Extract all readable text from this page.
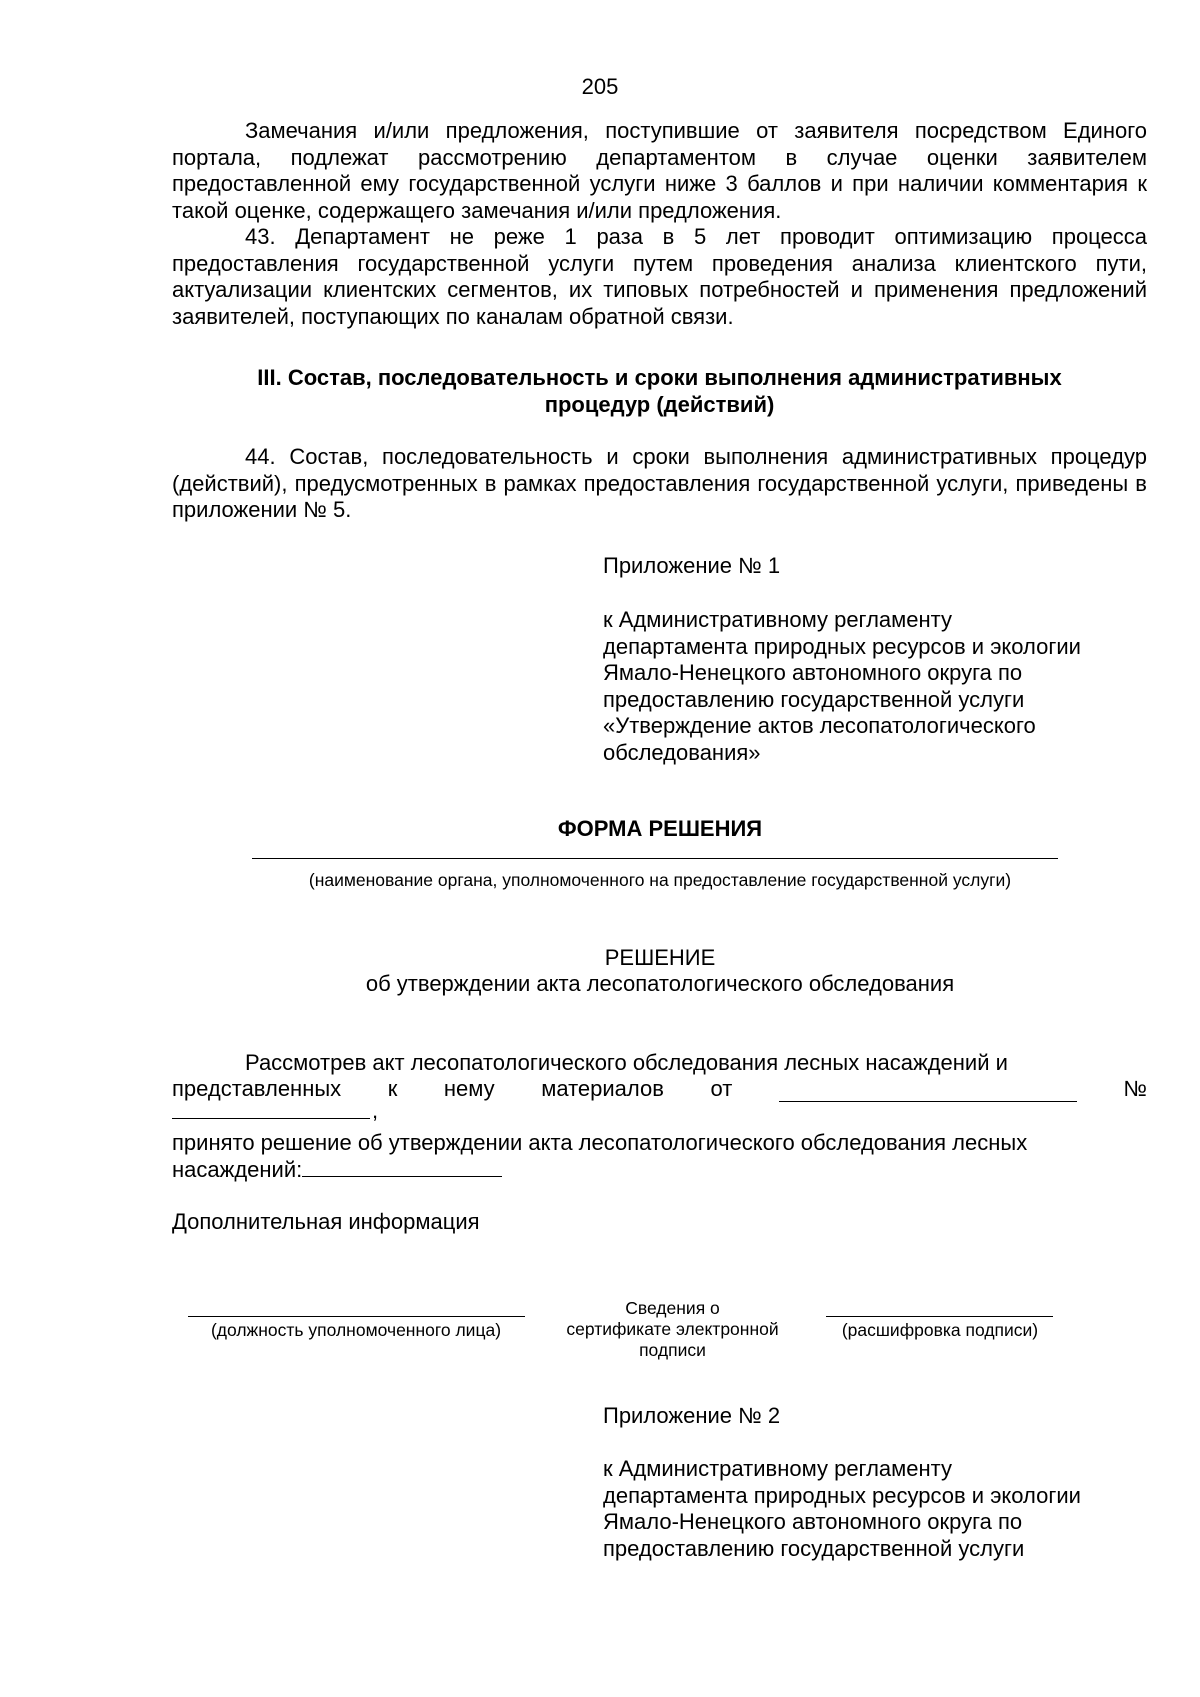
205
Замечания и/или предложения, поступившие от заявителя посредством Единого портала, подлежат рассмотрению департаментом в случае оценки заявителем предоставленной ему государственной услуги ниже 3 баллов и при наличии комментария к такой оценке, содержащего замечания и/или предложения.
43. Департамент не реже 1 раза в 5 лет проводит оптимизацию процесса предоставления государственной услуги путем проведения анализа клиентского пути, актуализации клиентских сегментов, их типовых потребностей и применения предложений заявителей, поступающих по каналам обратной связи.
III. Состав, последовательность и сроки выполнения административных
процедур (действий)
44. Состав, последовательность и сроки выполнения административных процедур (действий), предусмотренных в рамках предоставления государственной услуги, приведены в приложении № 5.
Приложение № 1
к Административному регламенту
департамента природных ресурсов и экологии
Ямало-Ненецкого автономного округа по
предоставлению государственной услуги
«Утверждение актов лесопатологического
обследования»
ФОРМА РЕШЕНИЯ
(наименование органа, уполномоченного на предоставление государственной услуги)
РЕШЕНИЕ
об утверждении акта лесопатологического обследования
Рассмотрев акт лесопатологического обследования лесных насаждений и
представленных к нему материалов от	№
,
принято решение об утверждении акта лесопатологического обследования лесных
насаждений:
Дополнительная информация
(должность уполномоченного лица)
Сведения о
сертификате электронной
подписи
(расшифровка подписи)
Приложение № 2
к Административному регламенту
департамента природных ресурсов и экологии
Ямало-Ненецкого автономного округа по
предоставлению государственной услуги
